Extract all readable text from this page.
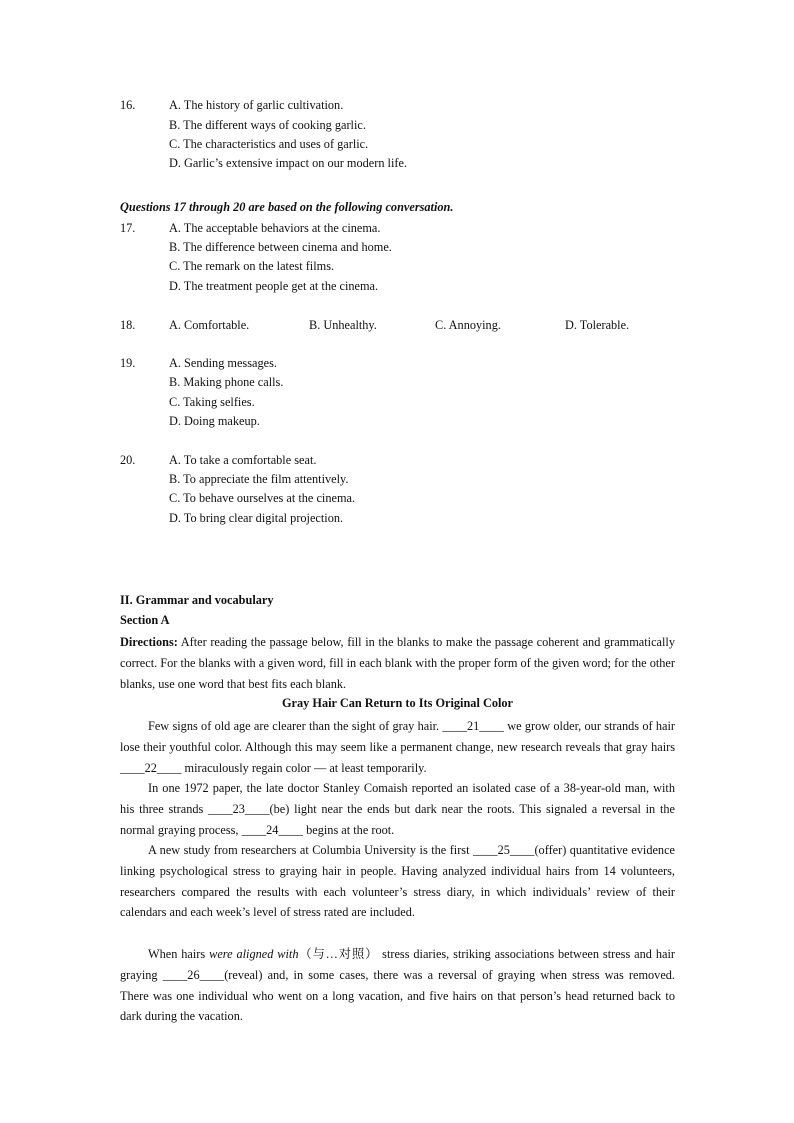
16.	A. The history of garlic cultivation.
B. The different ways of cooking garlic.
C. The characteristics and uses of garlic.
D. Garlic’s extensive impact on our modern life.
Questions 17 through 20 are based on the following conversation.
17.	A. The acceptable behaviors at the cinema.
B. The difference between cinema and home.
C. The remark on the latest films.
D. The treatment people get at the cinema.
18.	A. Comfortable.	B. Unhealthy.	C. Annoying.	D. Tolerable.
19.	A. Sending messages.
B. Making phone calls.
C. Taking selfies.
D. Doing makeup.
20.	A. To take a comfortable seat.
B. To appreciate the film attentively.
C. To behave ourselves at the cinema.
D. To bring clear digital projection.
II. Grammar and vocabulary
Section A
Directions: After reading the passage below, fill in the blanks to make the passage coherent and grammatically correct. For the blanks with a given word, fill in each blank with the proper form of the given word; for the other blanks, use one word that best fits each blank.
Gray Hair Can Return to Its Original Color
Few signs of old age are clearer than the sight of gray hair. ____21____ we grow older, our strands of hair lose their youthful color. Although this may seem like a permanent change, new research reveals that gray hairs ____22____ miraculously regain color — at least temporarily.
In one 1972 paper, the late doctor Stanley Comaish reported an isolated case of a 38-year-old man, with his three strands ____23____(be) light near the ends but dark near the roots. This signaled a reversal in the normal graying process, ____24____ begins at the root.
A new study from researchers at Columbia University is the first ____25____(offer) quantitative evidence linking psychological stress to graying hair in people. Having analyzed individual hairs from 14 volunteers, researchers compared the results with each volunteer’s stress diary, in which individuals’ review of their calendars and each week’s level of stress rated are included.
When hairs were aligned with（与…对照） stress diaries, striking associations between stress and hair graying ____26____(reveal) and, in some cases, there was a reversal of graying when stress was removed. There was one individual who went on a long vacation, and five hairs on that person’s head returned back to dark during the vacation.
